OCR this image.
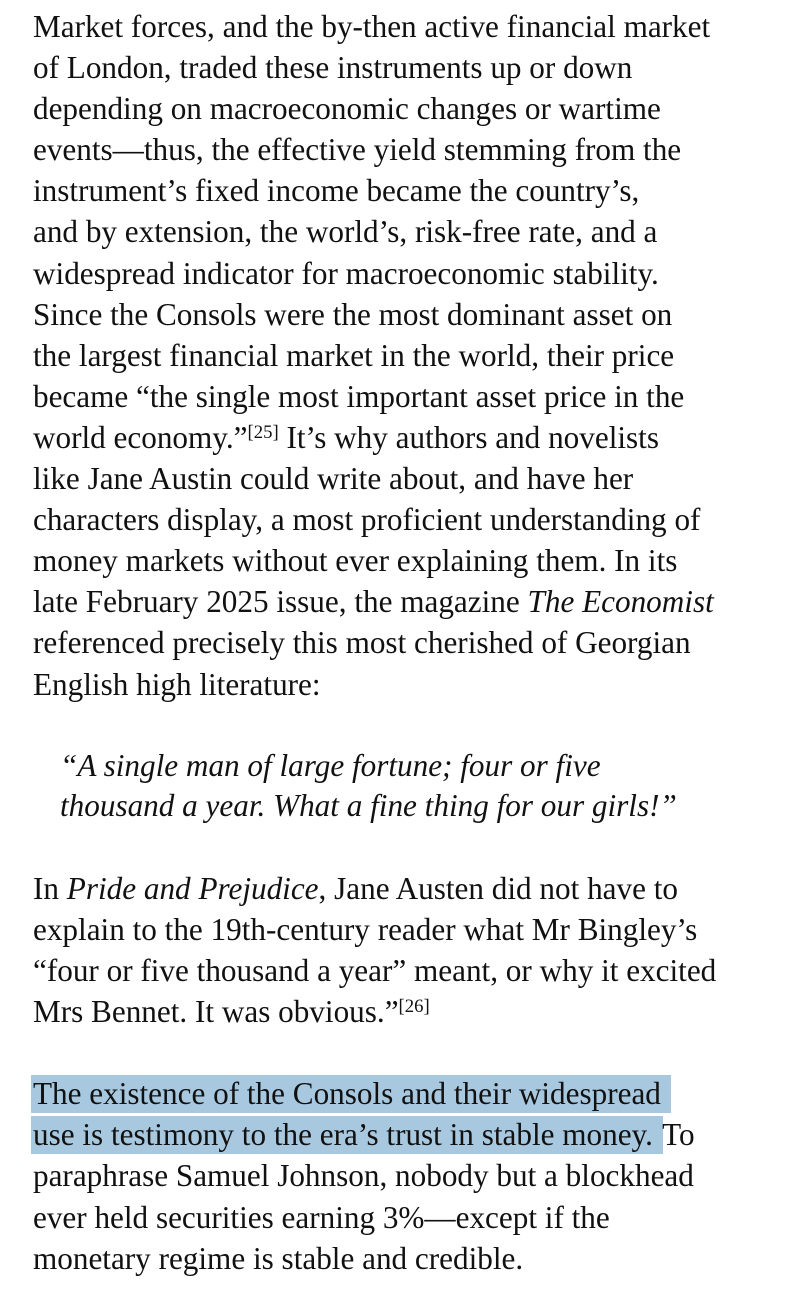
Market forces, and the by-then active financial market
of London, traded these instruments up or down
depending on macroeconomic changes or wartime
events—thus, the effective yield stemming from the
instrument’s fixed income became the country’s,
and by extension, the world’s, risk-free rate, and a
widespread indicator for macroeconomic stability.
Since the Consols were the most dominant asset on
the largest financial market in the world, their price
became “the single most important asset price in the
world economy.”[25] It’s why authors and novelists
like Jane Austin could write about, and have her
characters display, a most proficient understanding of
money markets without ever explaining them. In its
late February 2025 issue, the magazine The Economist
referenced precisely this most cherished of Georgian
English high literature:
“A single man of large fortune; four or five
thousand a year. What a fine thing for our girls!”
In Pride and Prejudice, Jane Austen did not have to
explain to the 19th-century reader what Mr Bingley’s
“four or five thousand a year” meant, or why it excited
Mrs Bennet. It was obvious.”[26]
The existence of the Consols and their widespread
use is testimony to the era’s trust in stable money. To
paraphrase Samuel Johnson, nobody but a blockhead
ever held securities earning 3%—except if the
monetary regime is stable and credible.
